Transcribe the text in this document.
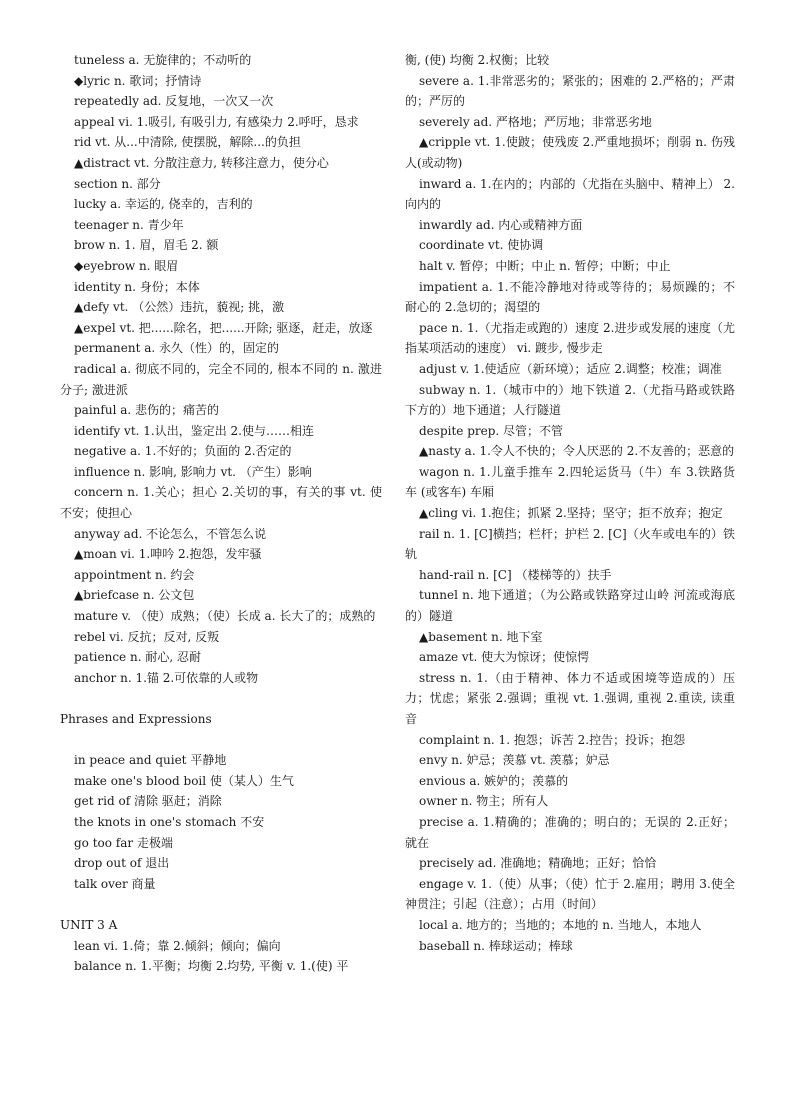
tuneless a. 无旋律的；不动听的

◆lyric n. 歌词；抒情诗

repeatedly ad. 反复地，一次又一次

appeal vi. 1.吸引, 有吸引力, 有感染力 2.呼吁，恳求

rid vt. 从...中清除, 使摆脱，解除...的负担

▲distract vt. 分散注意力, 转移注意力，使分心

section n. 部分

lucky a. 幸运的, 侥幸的，吉利的

teenager n. 青少年

brow n. 1. 眉，眉毛 2. 额

◆eyebrow n. 眼眉

identity n. 身份；本体

▲defy vt. （公然）违抗，藐视; 挑，激

▲expel vt. 把......除名，把......开除; 驱逐，赶走，放逐

permanent a. 永久（性）的，固定的

radical a. 彻底不同的，完全不同的, 根本不同的 n. 激进分子; 激进派

painful a. 悲伤的；痛苦的

identify vt. 1.认出，鉴定出 2.使与……相连

negative a. 1.不好的；负面的 2.否定的

influence n. 影响, 影响力 vt. （产生）影响

concern n. 1.关心；担心 2.关切的事，有关的事 vt. 使不安；使担心

anyway ad. 不论怎么，不管怎么说

▲moan vi. 1.呻吟 2.抱怨，发牢骚

appointment n. 约会

▲briefcase n. 公文包

mature v. （使）成熟；（使）长成 a. 长大了的；成熟的

rebel vi. 反抗；反对, 反叛

patience n. 耐心, 忍耐

anchor n. 1.锚 2.可依靠的人或物

Phrases and Expressions

in peace and quiet 平静地

make one's blood boil 使（某人）生气

get rid of 清除 驱赶；消除

the knots in one's stomach 不安

go too far 走极端

drop out of 退出

talk over 商量

UNIT 3 A

lean vi. 1.倚；靠 2.倾斜；倾向；偏向

balance n. 1.平衡；均衡 2.均势, 平衡 v. 1.(使) 平

衡, (使) 均衡 2.权衡；比较

severe a. 1.非常恶劣的；紧张的；困难的 2.严格的；严肃的；严厉的

severely ad. 严格地；严厉地；非常恶劣地

▲cripple vt. 1.使跛；使残废 2.严重地损坏；削弱 n. 伤残人(或动物)

inward a. 1.在内的；内部的（尤指在头脑中、精神上） 2.向内的

inwardly ad. 内心或精神方面

coordinate vt. 使协调

halt v. 暂停；中断；中止 n. 暂停；中断；中止

impatient a. 1.不能冷静地对待或等待的；易烦躁的；不耐心的 2.急切的；渴望的

pace n. 1.（尤指走或跑的）速度 2.进步或发展的速度（尤指某项活动的速度） vi. 踱步, 慢步走

adjust v. 1.使适应（新环境）；适应 2.调整；校准；调准

subway n. 1.（城市中的）地下铁道 2.（尤指马路或铁路下方的）地下通道；人行隧道

despite prep. 尽管；不管

▲nasty a. 1.令人不快的；令人厌恶的 2.不友善的；恶意的

wagon n. 1.儿童手推车 2.四轮运货马（牛）车 3.铁路货车 (或客车) 车厢

▲cling vi. 1.抱住；抓紧 2.坚持；坚守；拒不放弃；抱定

rail n. 1. [C]横挡；栏杆；护栏 2. [C]（火车或电车的）铁轨

hand-rail n. [C] （楼梯等的）扶手

tunnel n. 地下通道；（为公路或铁路穿过山岭 河流或海底的）隧道

▲basement n. 地下室

amaze vt. 使大为惊讶；使惊愕

stress n. 1.（由于精神、体力不适或困境等造成的）压力；忧虑；紧张 2.强调；重视 vt. 1.强调, 重视 2.重读, 读重音

complaint n. 1. 抱怨；诉苦 2.控告；投诉；抱怨

envy n. 妒忌；羡慕 vt. 羡慕；妒忌

envious a. 嫉妒的；羡慕的

owner n. 物主；所有人

precise a. 1.精确的；准确的；明白的；无误的 2.正好；就在

precisely ad. 准确地；精确地；正好；恰恰

engage v. 1.（使）从事；（使）忙于 2.雇用；聘用 3.使全神贯注；引起（注意）；占用（时间）

local a. 地方的；当地的；本地的 n. 当地人，本地人

baseball n. 棒球运动；棒球
